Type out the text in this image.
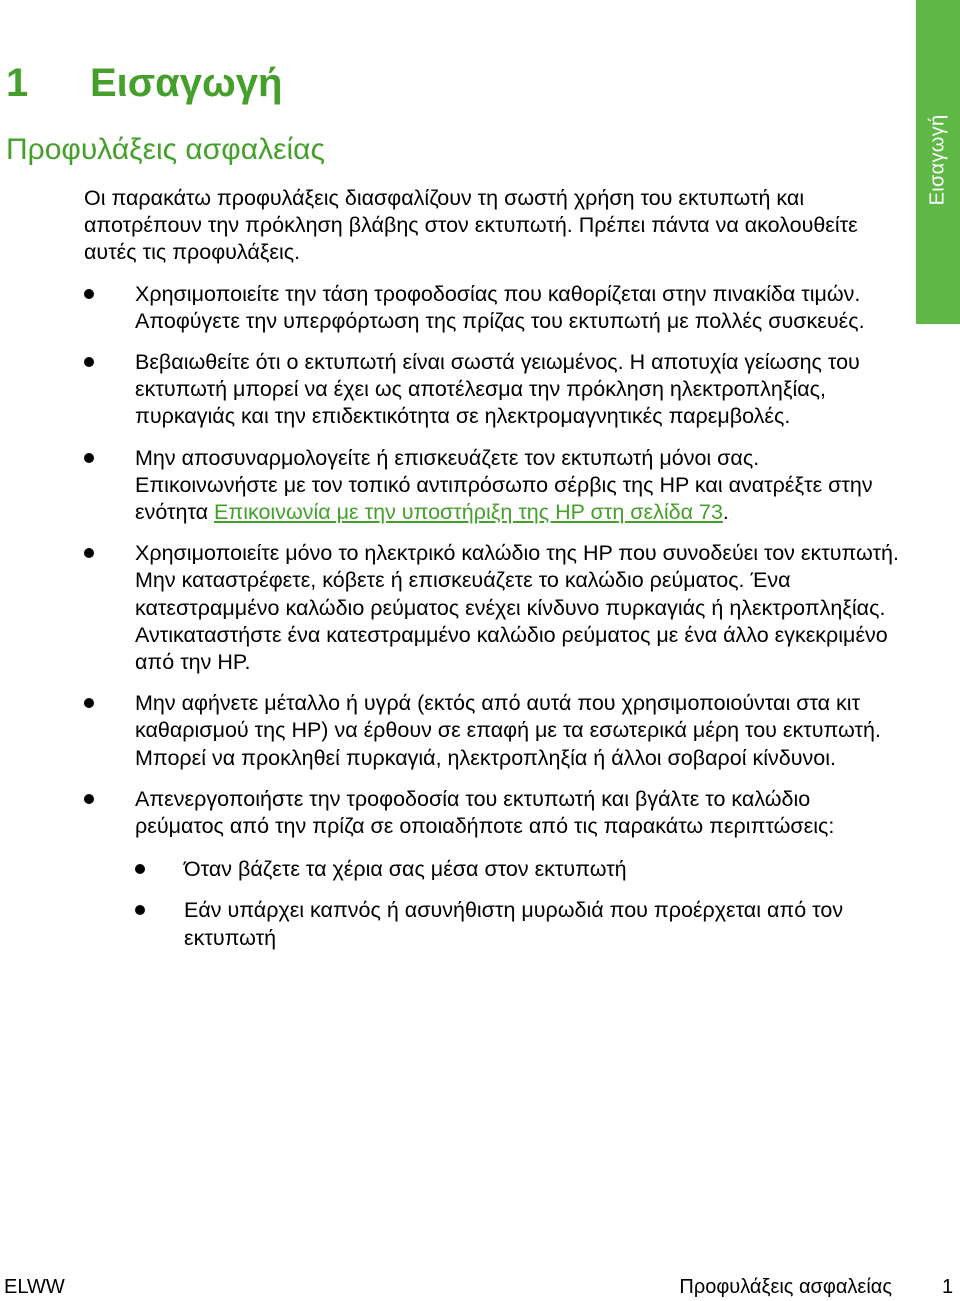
Εισαγωγή
1 Εισαγωγή
Προφυλάξεις ασφαλείας

Οι παρακάτω προφυλάξεις διασφαλίζουν τη σωστή χρήση του εκτυπωτή και αποτρέπουν την πρόκληση βλάβης στον εκτυπωτή. Πρέπει πάντα να ακολουθείτε αυτές τις προφυλάξεις.

Χρησιμοποιείτε την τάση τροφοδοσίας που καθορίζεται στην πινακίδα τιμών. Αποφύγετε την υπερφόρτωση της πρίζας του εκτυπωτή με πολλές συσκευές.
Βεβαιωθείτε ότι ο εκτυπωτή είναι σωστά γειωμένος. Η αποτυχία γείωσης του εκτυπωτή μπορεί να έχει ως αποτέλεσμα την πρόκληση ηλεκτροπληξίας, πυρκαγιάς και την επιδεκτικότητα σε ηλεκτρομαγνητικές παρεμβολές.
Μην αποσυναρμολογείτε ή επισκευάζετε τον εκτυπωτή μόνοι σας. Επικοινωνήστε με τον τοπικό αντιπρόσωπο σέρβις της HP και ανατρέξτε στην ενότητα Επικοινωνία με την υποστήριξη της HP στη σελίδα 73.
Χρησιμοποιείτε μόνο το ηλεκτρικό καλώδιο της HP που συνοδεύει τον εκτυπωτή. Μην καταστρέφετε, κόβετε ή επισκευάζετε το καλώδιο ρεύματος. Ένα κατεστραμμένο καλώδιο ρεύματος ενέχει κίνδυνο πυρκαγιάς ή ηλεκτροπληξίας. Αντικαταστήστε ένα κατεστραμμένο καλώδιο ρεύματος με ένα άλλο εγκεκριμένο από την HP.
Μην αφήνετε μέταλλο ή υγρά (εκτός από αυτά που χρησιμοποιούνται στα κιτ καθαρισμού της HP) να έρθουν σε επαφή με τα εσωτερικά μέρη του εκτυπωτή. Μπορεί να προκληθεί πυρκαγιά, ηλεκτροπληξία ή άλλοι σοβαροί κίνδυνοι.
Απενεργοποιήστε την τροφοδοσία του εκτυπωτή και βγάλτε το καλώδιο ρεύματος από την πρίζα σε οποιαδήποτε από τις παρακάτω περιπτώσεις:
Όταν βάζετε τα χέρια σας μέσα στον εκτυπωτή
Εάν υπάρχει καπνός ή ασυνήθιστη μυρωδιά που προέρχεται από τον εκτυπωτή
ELWW	Προφυλάξεις ασφαλείας	1
